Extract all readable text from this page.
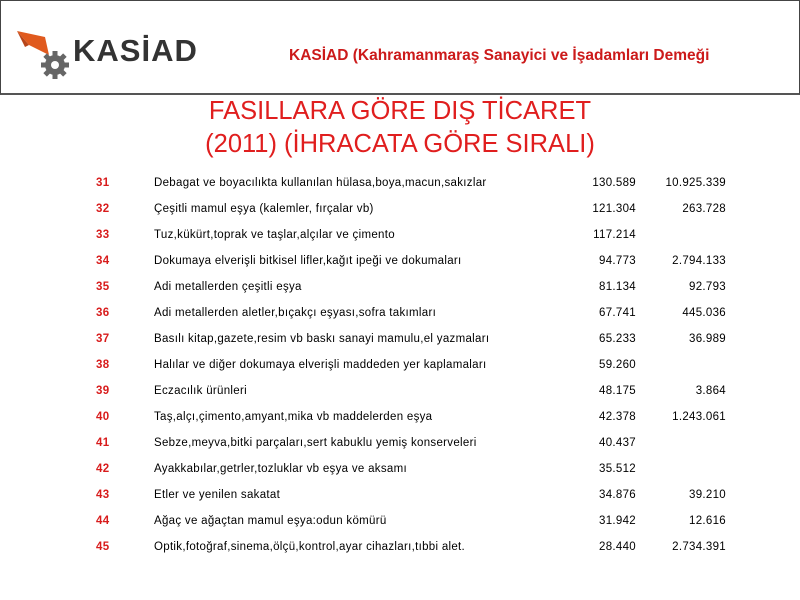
KASİAD	KASİAD (Kahramanmaraş Sanayici ve İşadamları Demeği
FASILLARA GÖRE DIŞ TİCARET
(2011) (İHRACATA GÖRE SIRALI)
31	Debagat ve boyacılıkta kullanılan hülasa,boya,macun,sakızlar	130.589	10.925.339
32	Çeşitli mamul eşya (kalemler, fırçalar vb)	121.304	263.728
33	Tuz,kükürt,toprak ve taşlar,alçılar ve çimento	117.214	
34	Dokumaya elverişli bitkisel lifler,kağıt ipeği ve dokumaları	94.773	2.794.133
35	Adi metallerden çeşitli eşya	81.134	92.793
36	Adi metallerden aletler,bıçakçı eşyası,sofra takımları	67.741	445.036
37	Basılı kitap,gazete,resim vb baskı sanayi mamulu,el yazmaları	65.233	36.989
38	Halılar ve diğer dokumaya elverişli maddeden yer kaplamaları	59.260	
39	Eczacılık ürünleri	48.175	3.864
40	Taş,alçı,çimento,amyant,mika vb maddelerden eşya	42.378	1.243.061
41	Sebze,meyva,bitki parçaları,sert kabuklu yemiş konserveleri	40.437	
42	Ayakkabılar,getrler,tozluklar vb eşya ve aksamı	35.512	
43	Etler ve yenilen sakatat	34.876	39.210
44	Ağaç ve ağaçtan mamul eşya:odun kömürü	31.942	12.616
45	Optik,fotoğraf,sinema,ölçü,kontrol,ayar cihazları,tıbbi alet.	28.440	2.734.391
